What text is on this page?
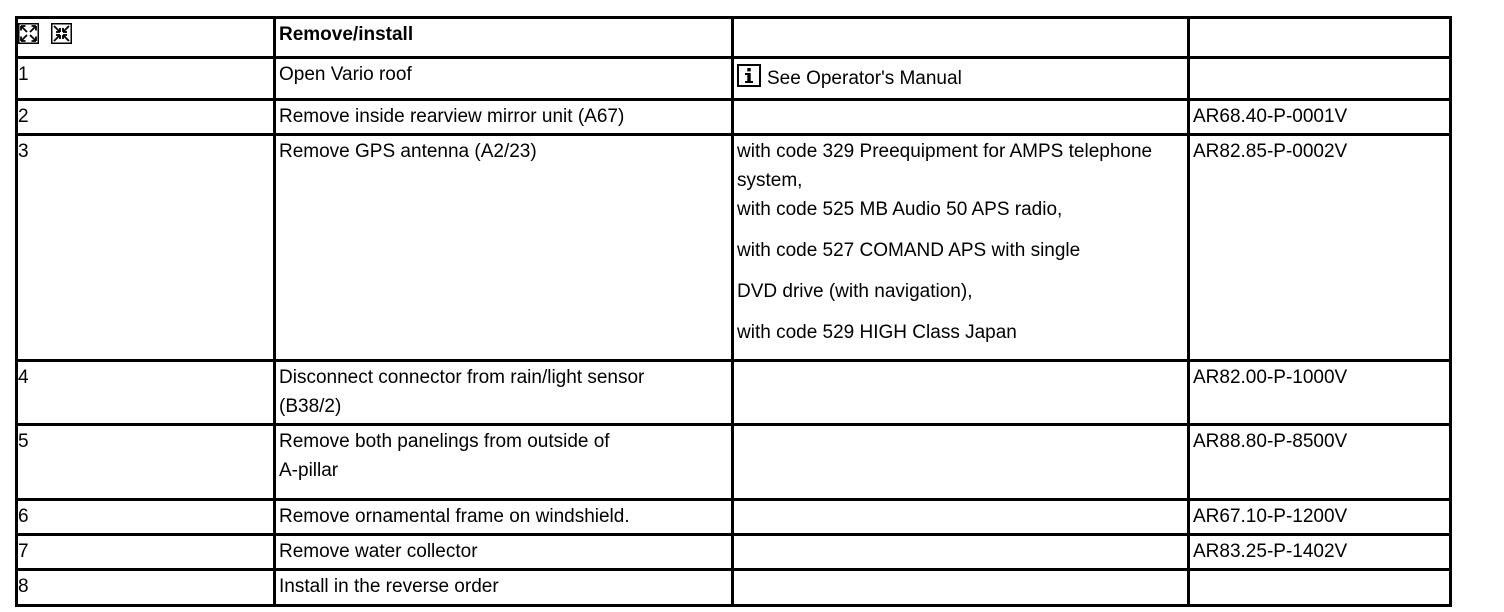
	Remove/install		
1	Open Vario roof	See Operator's Manual	
2	Remove inside rearview mirror unit (A67)		AR68.40-P-0001V
3	Remove GPS antenna (A2/23)	with code 329 Preequipment for AMPS telephone system,
with code 525 MB Audio 50 APS radio,
with code 527 COMAND APS with single
DVD drive (with navigation),
with code 529 HIGH Class Japan	AR82.85-P-0002V
4	Disconnect connector from rain/light sensor
(B38/2)		AR82.00-P-1000V
5	Remove both panelings from outside of
A-pillar		AR88.80-P-8500V
6	Remove ornamental frame on windshield.		AR67.10-P-1200V
7	Remove water collector		AR83.25-P-1402V
8	Install in the reverse order		
